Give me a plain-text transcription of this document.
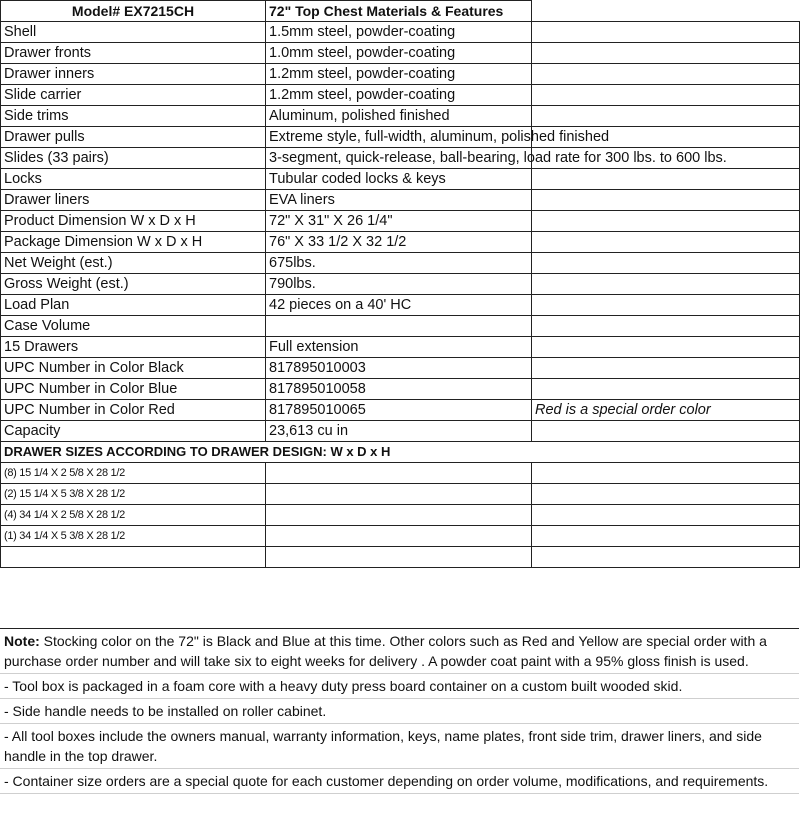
Model# EX7215CH	72" Top Chest Materials & Features	
Shell	1.5mm steel, powder-coating	
Drawer fronts	1.0mm steel, powder-coating	
Drawer inners	1.2mm steel, powder-coating	
Slide carrier	1.2mm steel, powder-coating	
Side trims	Aluminum, polished finished	
Drawer pulls	Extreme style, full-width, aluminum, polished finished	
Slides (33 pairs)	3-segment, quick-release, ball-bearing, load rate for 300 lbs. to 600 lbs.	
Locks	Tubular coded locks & keys	
Drawer liners	EVA liners	
Product Dimension W x D x H	72" X 31" X 26 1/4"	
Package Dimension W x D x H	76" X 33 1/2 X 32 1/2	
Net Weight (est.)	675lbs.	
Gross Weight (est.)	790lbs.	
Load Plan	42 pieces on a 40' HC	
Case Volume		
15 Drawers	Full extension	
UPC Number in Color Black	817895010003	
UPC Number in Color Blue	817895010058	
UPC Number in Color Red	817895010065	Red is a special order color
Capacity	23,613 cu in	
DRAWER SIZES ACCORDING TO DRAWER DESIGN: W x D x H		
(8) 15 1/4 X 2 5/8 X 28 1/2		
(2) 15 1/4 X 5 3/8 X 28 1/2		
(4) 34 1/4 X 2 5/8 X 28 1/2		
(1) 34 1/4 X 5 3/8 X 28 1/2		

Note: Stocking color on the 72" is Black and Blue at this time. Other colors such as Red and Yellow are special order with a purchase order number and will take six to eight weeks for delivery . A powder coat paint with a 95% gloss finish is used.
- Tool box is packaged in a foam core with a heavy duty press board container on a custom built wooded skid.
- Side handle needs to be installed on roller cabinet.
- All tool boxes include the owners manual, warranty information, keys, name plates, front side trim, drawer liners, and side handle in the top drawer.
- Container size orders are a special quote for each customer depending on order volume, modifications, and requirements.
